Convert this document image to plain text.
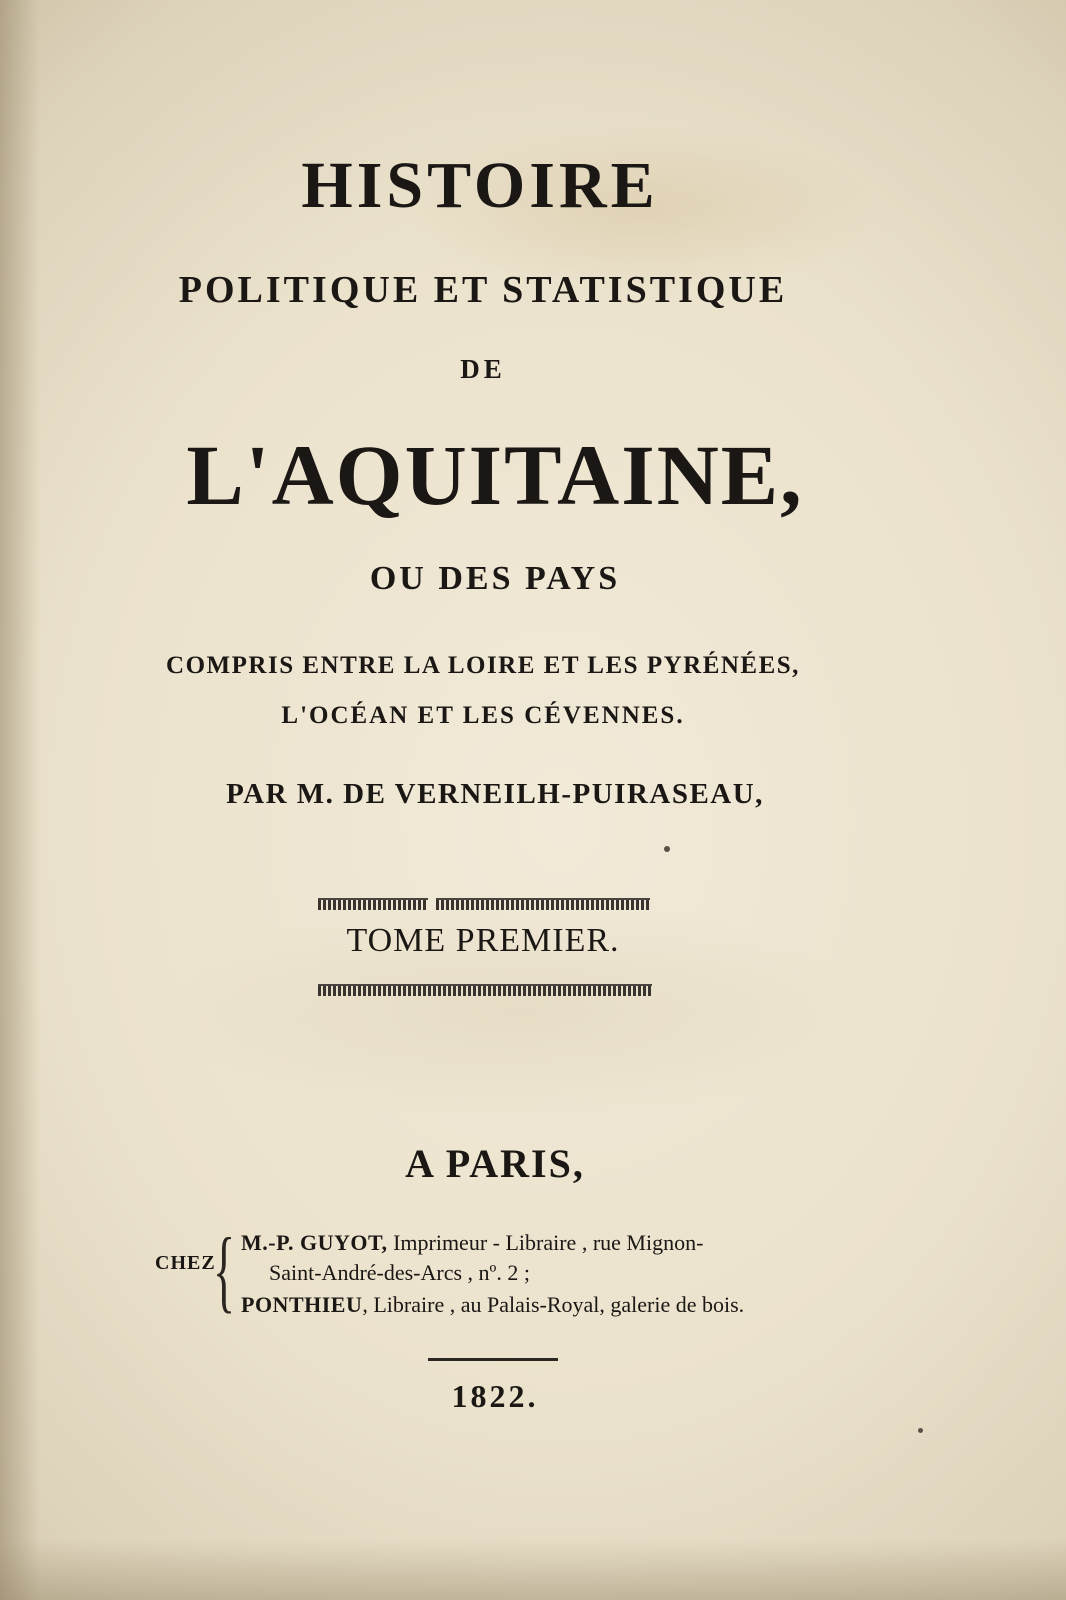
HISTOIRE
POLITIQUE ET STATISTIQUE
DE
L'AQUITAINE,
OU DES PAYS
COMPRIS ENTRE LA LOIRE ET LES PYRÉNÉES,
L'OCÉAN ET LES CÉVENNES.
PAR M. DE VERNEILH-PUIRASEAU,
TOME PREMIER.
A PARIS,
CHEZ
{ M.-P. GUYOT, Imprimeur - Libraire , rue Mignon-
Saint-André-des-Arcs , nº. 2 ;
PONTHIEU, Libraire , au Palais-Royal, galerie de bois.
1822.
